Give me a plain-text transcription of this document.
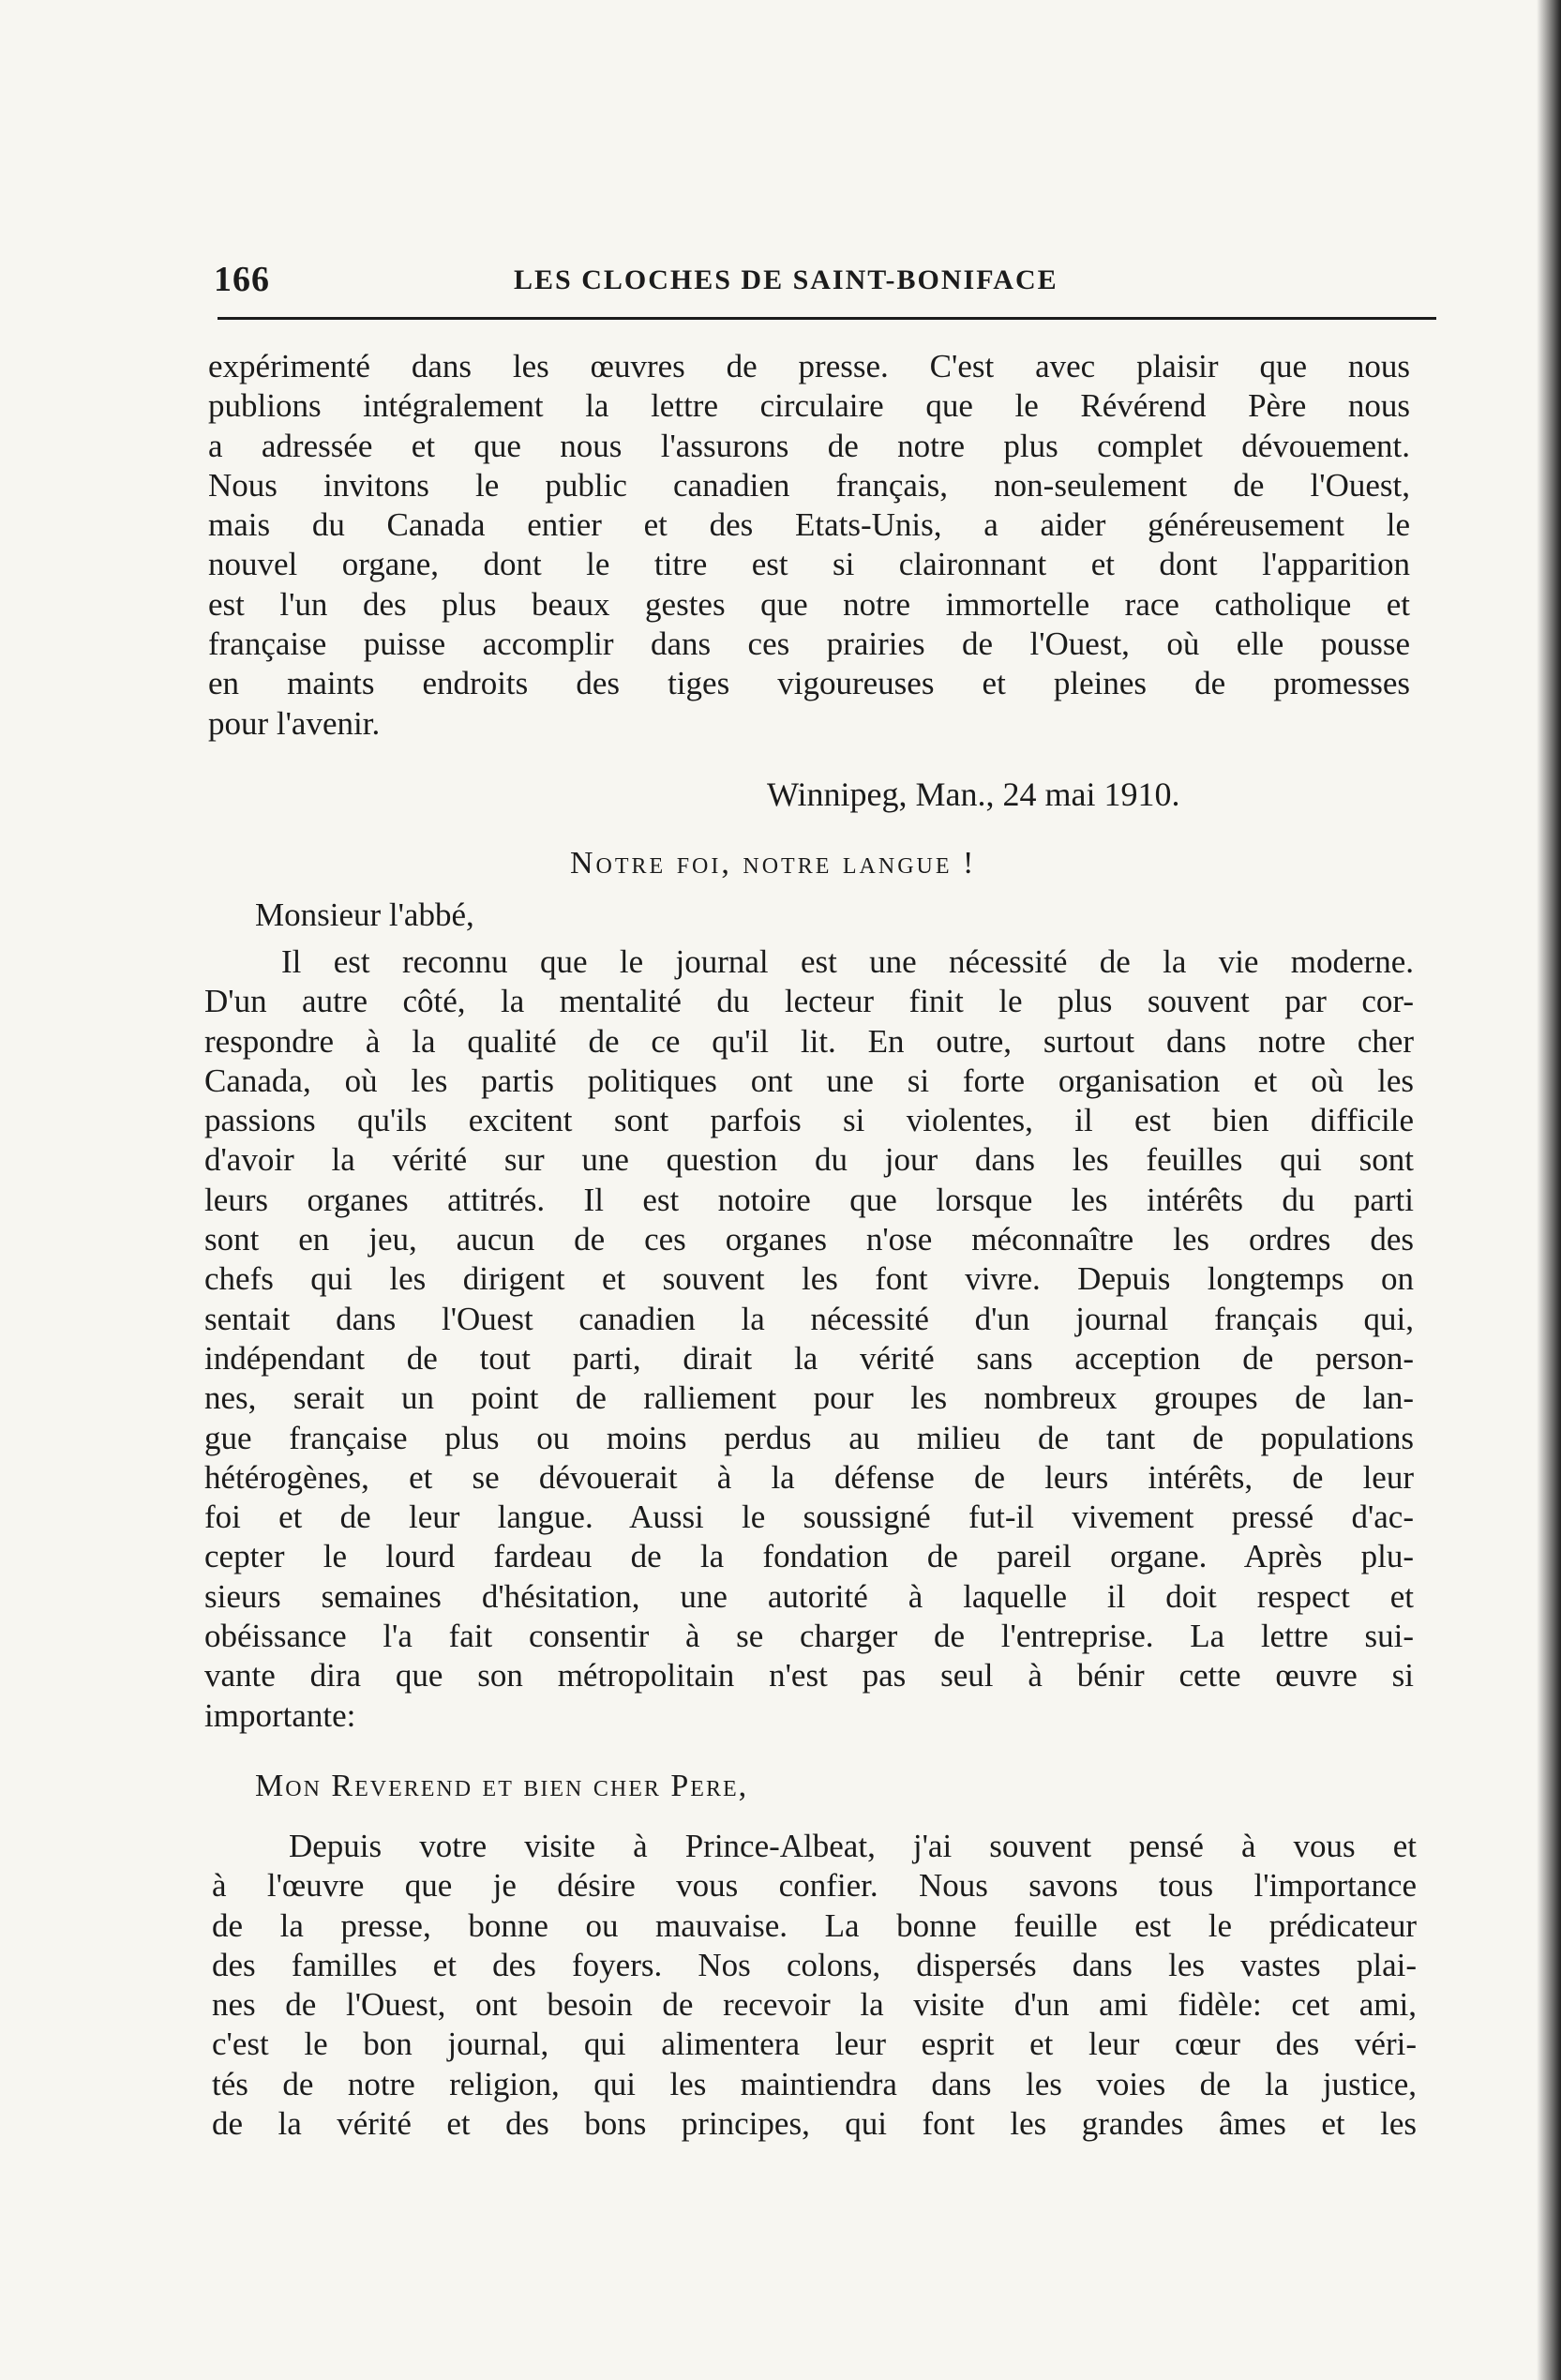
166	LES CLOCHES DE SAINT-BONIFACE
expérimenté dans les œuvres de presse. C'est avec plaisir que nous
publions intégralement la lettre circulaire que le Révérend Père nous
a adressée et que nous l'assurons de notre plus complet dévouement.
Nous invitons le public canadien français, non-seulement de l'Ouest,
mais du Canada entier et des Etats-Unis, a aider généreusement le
nouvel organe, dont le titre est si claironnant et dont l'apparition
est l'un des plus beaux gestes que notre immortelle race catholique et
française puisse accomplir dans ces prairies de l'Ouest, où elle pousse
en maints endroits des tiges vigoureuses et pleines de promesses
pour l'avenir.
Winnipeg, Man., 24 mai 1910.
Notre foi, notre langue !
Monsieur l'abbé,
Il est reconnu que le journal est une nécessité de la vie moderne.
D'un autre côté, la mentalité du lecteur finit le plus souvent par cor-
respondre à la qualité de ce qu'il lit. En outre, surtout dans notre cher
Canada, où les partis politiques ont une si forte organisation et où les
passions qu'ils excitent sont parfois si violentes, il est bien difficile
d'avoir la vérité sur une question du jour dans les feuilles qui sont
leurs organes attitrés. Il est notoire que lorsque les intérêts du parti
sont en jeu, aucun de ces organes n'ose méconnaître les ordres des
chefs qui les dirigent et souvent les font vivre. Depuis longtemps on
sentait dans l'Ouest canadien la nécessité d'un journal français qui,
indépendant de tout parti, dirait la vérité sans acception de person-
nes, serait un point de ralliement pour les nombreux groupes de lan-
gue française plus ou moins perdus au milieu de tant de populations
hétérogènes, et se dévouerait à la défense de leurs intérêts, de leur
foi et de leur langue. Aussi le soussigné fut-il vivement pressé d'ac-
cepter le lourd fardeau de la fondation de pareil organe. Après plu-
sieurs semaines d'hésitation, une autorité à laquelle il doit respect et
obéissance l'a fait consentir à se charger de l'entreprise. La lettre sui-
vante dira que son métropolitain n'est pas seul à bénir cette œuvre si
importante:
Mon Reverend et bien cher Pere,
Depuis votre visite à Prince-Albeat, j'ai souvent pensé à vous et
à l'œuvre que je désire vous confier. Nous savons tous l'importance
de la presse, bonne ou mauvaise. La bonne feuille est le prédicateur
des familles et des foyers. Nos colons, dispersés dans les vastes plai-
nes de l'Ouest, ont besoin de recevoir la visite d'un ami fidèle: cet ami,
c'est le bon journal, qui alimentera leur esprit et leur cœur des véri-
tés de notre religion, qui les maintiendra dans les voies de la justice,
de la vérité et des bons principes, qui font les grandes âmes et les
